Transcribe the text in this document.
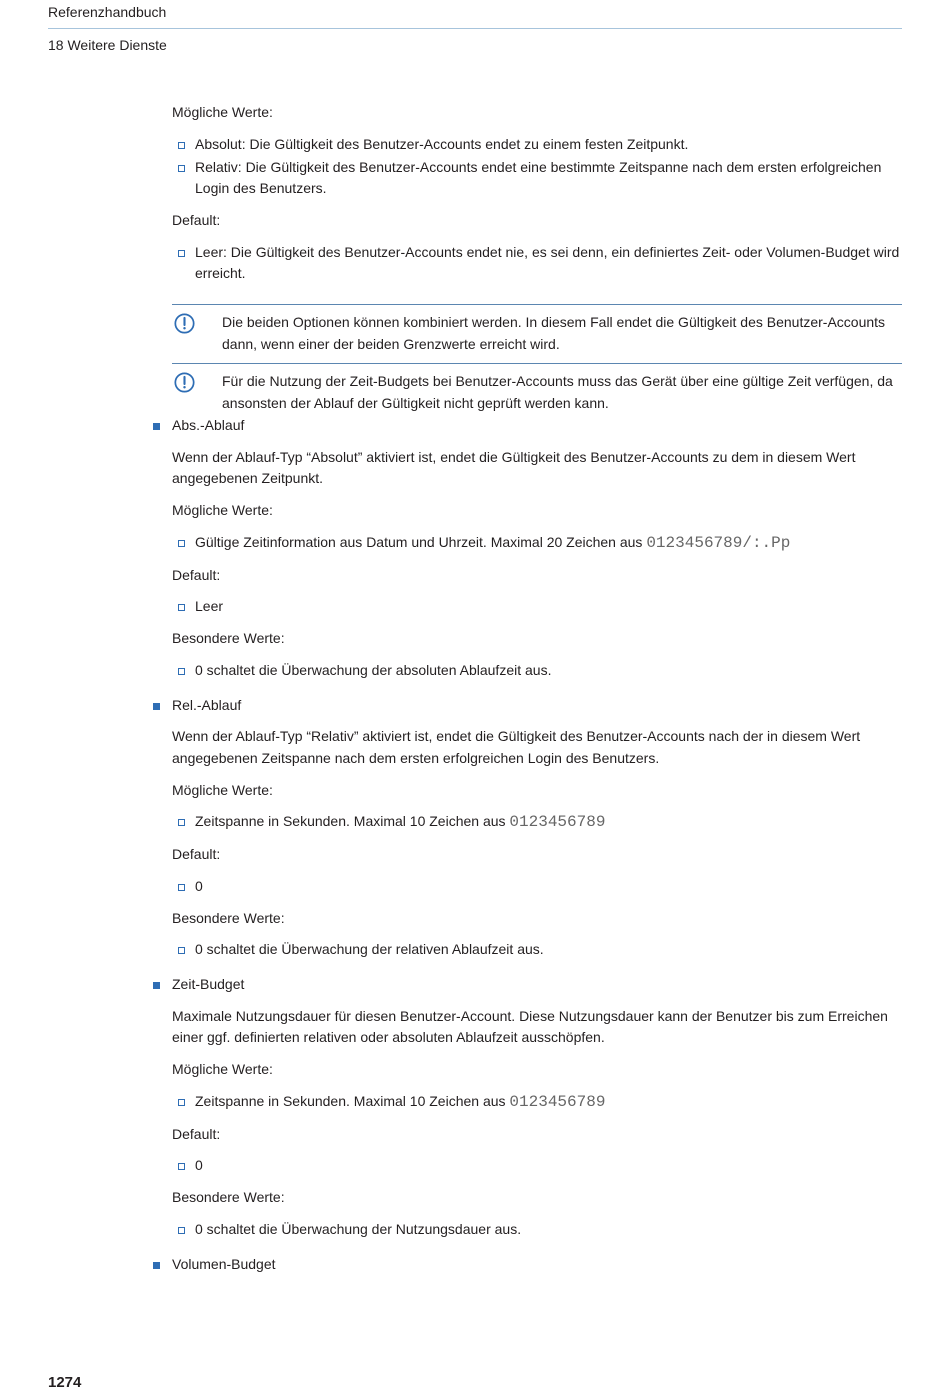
Referenzhandbuch
18 Weitere Dienste

Mögliche Werte:

Absolut: Die Gültigkeit des Benutzer-Accounts endet zu einem festen Zeitpunkt.
Relativ: Die Gültigkeit des Benutzer-Accounts endet eine bestimmte Zeitspanne nach dem ersten erfolgreichen
Login des Benutzers.

Default:

Leer: Die Gültigkeit des Benutzer-Accounts endet nie, es sei denn, ein definiertes Zeit- oder Volumen-Budget wird
erreicht.

Die beiden Optionen können kombiniert werden. In diesem Fall endet die Gültigkeit des Benutzer-Accounts
dann, wenn einer der beiden Grenzwerte erreicht wird.

Für die Nutzung der Zeit-Budgets bei Benutzer-Accounts muss das Gerät über eine gültige Zeit verfügen, da
ansonsten der Ablauf der Gültigkeit nicht geprüft werden kann.

Abs.-Ablauf

Wenn der Ablauf-Typ “Absolut” aktiviert ist, endet die Gültigkeit des Benutzer-Accounts zu dem in diesem Wert
angegebenen Zeitpunkt.

Mögliche Werte:

Gültige Zeitinformation aus Datum und Uhrzeit. Maximal 20 Zeichen aus 0123456789/:.Pp

Default:

Leer

Besondere Werte:

0 schaltet die Überwachung der absoluten Ablaufzeit aus.
Rel.-Ablauf

Wenn der Ablauf-Typ “Relativ” aktiviert ist, endet die Gültigkeit des Benutzer-Accounts nach der in diesem Wert
angegebenen Zeitspanne nach dem ersten erfolgreichen Login des Benutzers.

Mögliche Werte:

Zeitspanne in Sekunden. Maximal 10 Zeichen aus 0123456789

Default:

0

Besondere Werte:

0 schaltet die Überwachung der relativen Ablaufzeit aus.
Zeit-Budget

Maximale Nutzungsdauer für diesen Benutzer-Account. Diese Nutzungsdauer kann der Benutzer bis zum Erreichen
einer ggf. definierten relativen oder absoluten Ablaufzeit ausschöpfen.

Mögliche Werte:

Zeitspanne in Sekunden. Maximal 10 Zeichen aus 0123456789

Default:

0

Besondere Werte:

0 schaltet die Überwachung der Nutzungsdauer aus.
Volumen-Budget
1274
